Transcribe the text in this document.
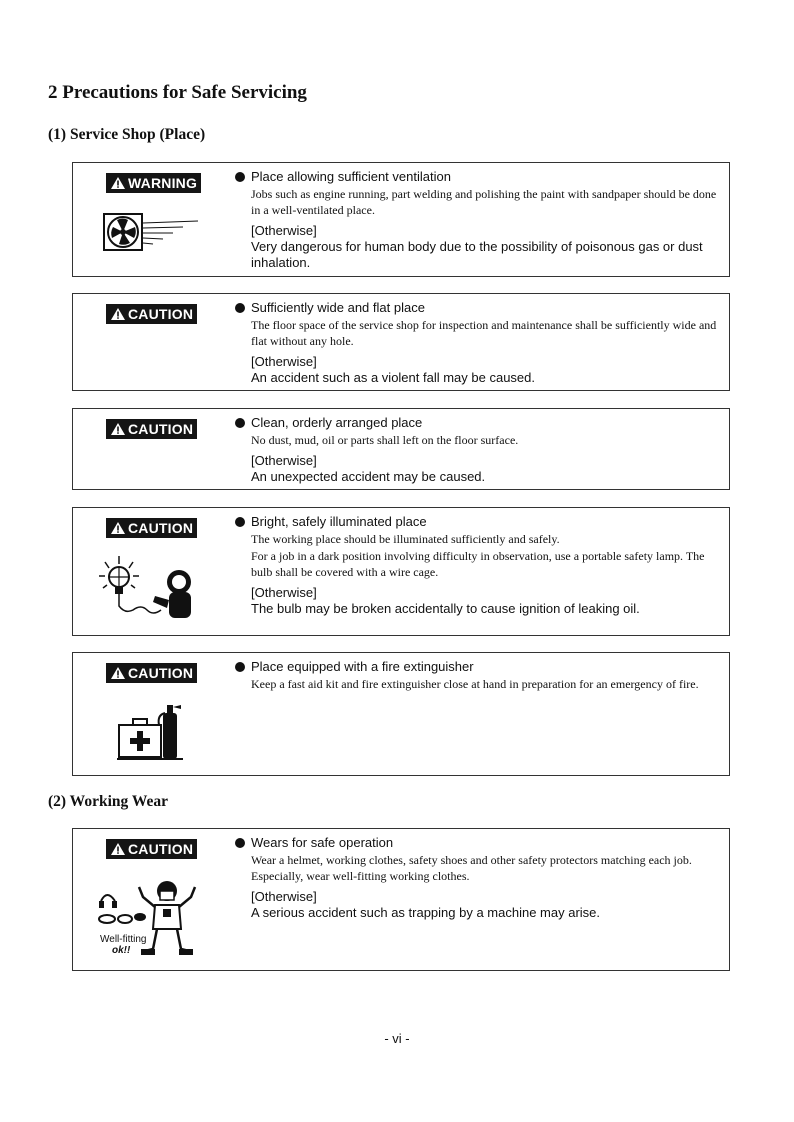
2 Precautions for Safe Servicing
(1) Service Shop (Place)
WARNING	Place allowing sufficient ventilation
Jobs such as engine running, part welding and polishing the paint with sandpaper should be done in a well-ventilated place.
[Otherwise]
Very dangerous for human body due to the possibility of poisonous gas or dust inhalation.
CAUTION	Sufficiently wide and flat place
The floor space of the service shop for inspection and maintenance shall be sufficiently wide and flat without any hole.
[Otherwise]
An accident such as a violent fall may be caused.
CAUTION	Clean, orderly arranged place
No dust, mud, oil or parts shall left on the floor surface.
[Otherwise]
An unexpected accident may be caused.
CAUTION	Bright, safely illuminated place
The working place should be illuminated sufficiently and safely.
For a job in a dark position involving difficulty in observation, use a portable safety lamp. The bulb shall be covered with a wire cage.
[Otherwise]
The bulb may be broken accidentally to cause ignition of leaking oil.
CAUTION	Place equipped with a fire extinguisher
Keep a fast aid kit and fire extinguisher close at hand in preparation for an emergency of fire.
(2) Working Wear
CAUTION
Well-fitting
ok!!
Wears for safe operation
Wear a helmet, working clothes, safety shoes and other safety protectors matching each job. Especially, wear well-fitting working clothes.
[Otherwise]
A serious accident such as trapping by a machine may arise.
- vi -
